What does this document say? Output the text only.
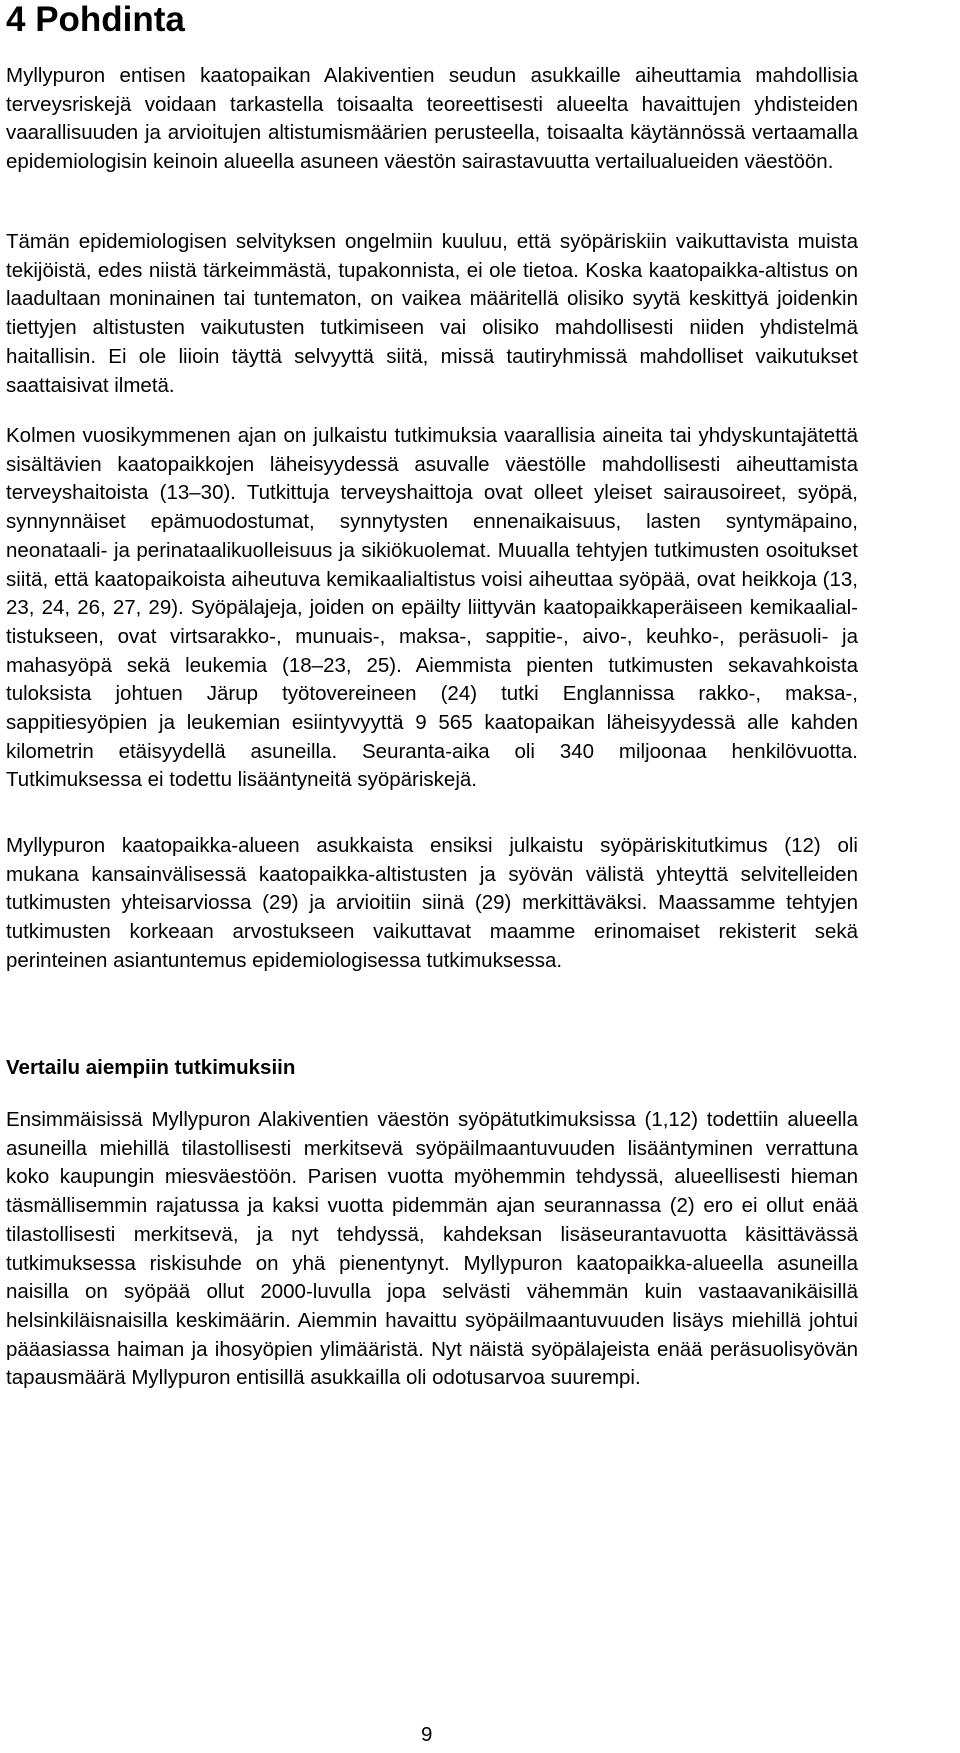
4 Pohdinta

Myllypuron entisen kaatopaikan Alakiventien seudun asukkaille aiheuttamia mahdollisia terveysriskejä voidaan tarkastella toisaalta teoreettisesti alueelta havaittujen yhdisteiden vaarallisuuden ja arvioitujen altistumismäärien perusteella, toisaalta käytännössä vertaamalla epidemiologisin keinoin alueella asuneen väestön sairastavuutta vertailualueiden väestöön.

Tämän epidemiologisen selvityksen ongelmiin kuuluu, että syöpäriskiin vaikuttavista muista tekijöistä, edes niistä tärkeimmästä, tupakonnista, ei ole tietoa. Koska kaatopaikka-altistus on laadultaan moninainen tai tuntematon, on vaikea määritellä olisiko syytä keskittyä joidenkin tiettyjen altistusten vaikutusten tutkimiseen vai olisiko mahdollisesti niiden yhdistelmä haitallisin. Ei ole liioin täyttä selvyyttä siitä, missä tautiryhmissä mahdolliset vaikutukset saattaisivat ilmetä.

Kolmen vuosikymmenen ajan on julkaistu tutkimuksia vaarallisia aineita tai yhdyskuntajätettä sisältävien kaatopaikkojen läheisyydessä asuvalle väestölle mahdollisesti aiheuttamista terveyshaitoista (13–30). Tutkittuja terveyshaittoja ovat olleet yleiset sairausoireet, syöpä, synnynnäiset epämuodostumat, synnytysten ennenaikaisuus, lasten syntymäpaino, neonataali- ja perinataalikuolleisuus ja sikiökuolemat. Muualla tehtyjen tutkimusten osoitukset siitä, että kaatopaikoista aiheutuva kemikaalialtistus voisi aiheuttaa syöpää, ovat heikkoja (13, 23, 24, 26, 27, 29). Syöpälajeja, joiden on epäilty liittyvän kaatopaikkaperäiseen kemikaalialtistukseen, ovat virtsarakko-, munuais-, maksa-, sappitie-, aivo-, keuhko-, peräsuoli- ja mahasyöpä sekä leukemia (18–23, 25). Aiemmista pienten tutkimusten sekavahkoista tuloksista johtuen Järup työtovereineen (24) tutki Englannissa rakko-, maksa-, sappitiesyöpien ja leukemian esiintyvyyttä 9 565 kaatopaikan läheisyydessä alle kahden kilometrin etäisyydellä asuneilla. Seuranta-aika oli 340 miljoonaa henkilövuotta. Tutkimuksessa ei todettu lisääntyneitä syöpäriskejä.

Myllypuron kaatopaikka-alueen asukkaista ensiksi julkaistu syöpäriskitutkimus (12) oli mukana kansainvälisessä kaatopaikka-altistusten ja syövän välistä yhteyttä selvitelleiden tutkimusten yhteisarviossa (29) ja arvioitiin siinä (29) merkittäväksi. Maassamme tehtyjen tutkimusten korkeaan arvostukseen vaikuttavat maamme erinomaiset rekisterit sekä perinteinen asiantuntemus epidemiologisessa tutkimuksessa.

Vertailu aiempiin tutkimuksiin

Ensimmäisissä Myllypuron Alakiventien väestön syöpätutkimuksissa (1,12) todettiin alueella asuneilla miehillä tilastollisesti merkitsevä syöpäilmaantuvuuden lisääntyminen verrattuna koko kaupungin miesväestöön. Parisen vuotta myöhemmin tehdyssä, alueellisesti hieman täsmällisemmin rajatussa ja kaksi vuotta pidemmän ajan seurannassa (2) ero ei ollut enää tilastollisesti merkitsevä, ja nyt tehdyssä, kahdeksan lisäseurantavuotta käsittävässä tutkimuksessa riskisuhde on yhä pienentynyt. Myllypuron kaatopaikka-alueella asuneilla naisilla on syöpää ollut 2000-luvulla jopa selvästi vähemmän kuin vastaavanikäisillä helsinkiläisnaisilla keskimäärin. Aiemmin havaittu syöpäilmaantuvuuden lisäys miehillä johtui pääasiassa haiman ja ihosyöpien ylimääristä. Nyt näistä syöpälajeista enää peräsuolisyövän tapausmäärä Myllypuron entisillä asukkailla oli odotusarvoa suurempi.

9
